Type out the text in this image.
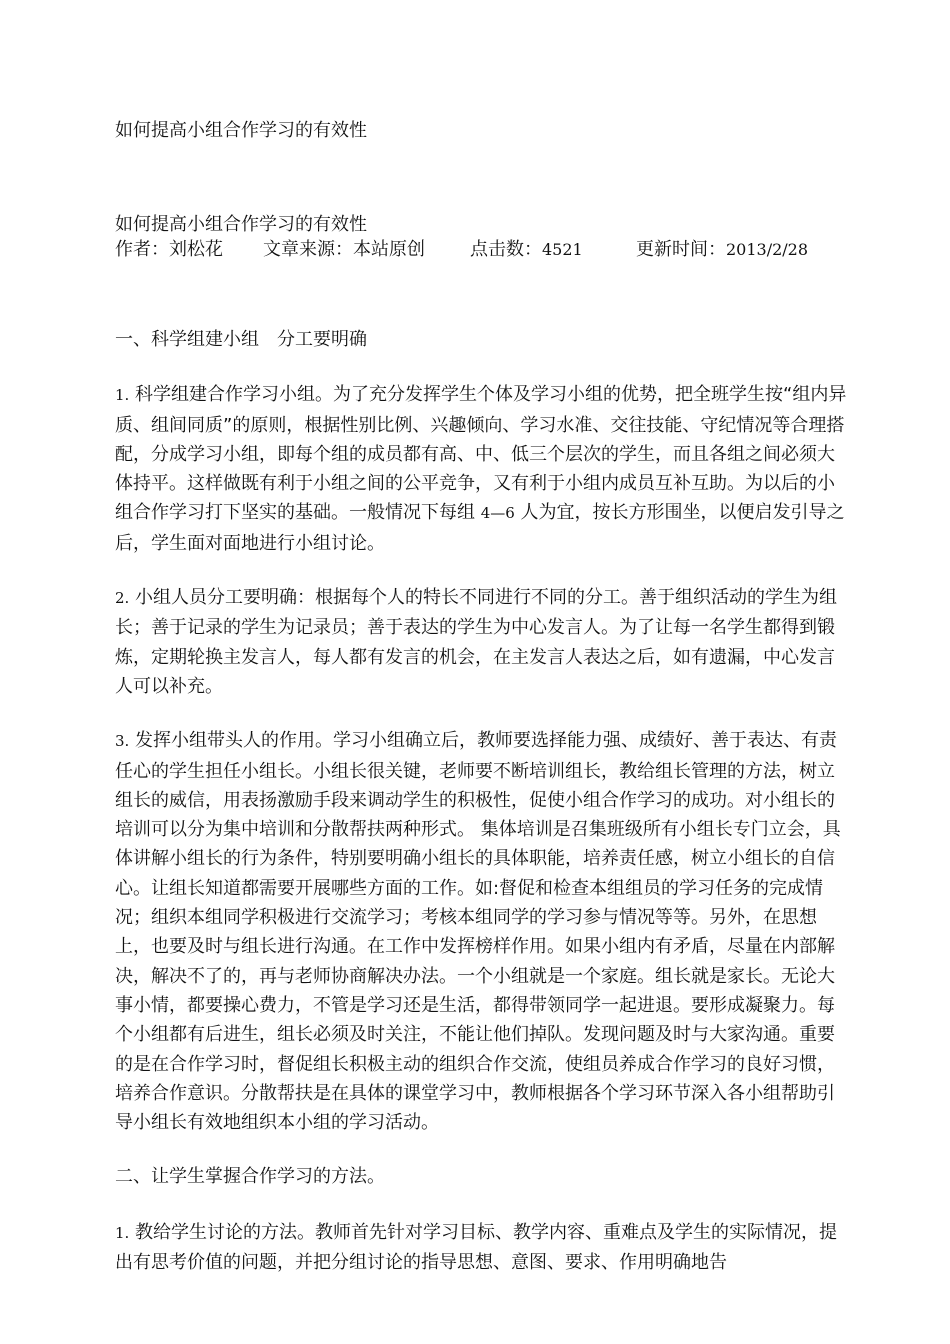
如何提高小组合作学习的有效性
如何提高小组合作学习的有效性
作者：刘松花 文章来源：本站原创	点击数：4521	更新时间：2013/2/28

一、科学组建小组　分工要明确

1. 科学组建合作学习小组。为了充分发挥学生个体及学习小组的优势，把全班学生按“组内异质、组间同质”的原则，根据性别比例、兴趣倾向、学习水准、交往技能、守纪情况等合理搭配，分成学习小组，即每个组的成员都有高、中、低三个层次的学生，而且各组之间必须大体持平。这样做既有利于小组之间的公平竞争，又有利于小组内成员互补互助。为以后的小组合作学习打下坚实的基础。一般情况下每组 4—6 人为宜，按长方形围坐，以便启发引导之后，学生面对面地进行小组讨论。

2. 小组人员分工要明确：根据每个人的特长不同进行不同的分工。善于组织活动的学生为组长；善于记录的学生为记录员；善于表达的学生为中心发言人。为了让每一名学生都得到锻炼，定期轮换主发言人，每人都有发言的机会，在主发言人表达之后，如有遗漏，中心发言人可以补充。

3. 发挥小组带头人的作用。学习小组确立后，教师要选择能力强、成绩好、善于表达、有责任心的学生担任小组长。小组长很关键，老师要不断培训组长，教给组长管理的方法，树立组长的威信，用表扬激励手段来调动学生的积极性，促使小组合作学习的成功。对小组长的培训可以分为集中培训和分散帮扶两种形式。 集体培训是召集班级所有小组长专门立会，具体讲解小组长的行为条件，特别要明确小组长的具体职能，培养责任感，树立小组长的自信心。让组长知道都需要开展哪些方面的工作。如:督促和检查本组组员的学习任务的完成情况；组织本组同学积极进行交流学习；考核本组同学的学习参与情况等等。另外，在思想上，也要及时与组长进行沟通。在工作中发挥榜样作用。如果小组内有矛盾，尽量在内部解决，解决不了的，再与老师协商解决办法。一个小组就是一个家庭。组长就是家长。无论大事小情，都要操心费力，不管是学习还是生活，都得带领同学一起进退。要形成凝聚力。每个小组都有后进生，组长必须及时关注，不能让他们掉队。发现问题及时与大家沟通。重要的是在合作学习时，督促组长积极主动的组织合作交流，使组员养成合作学习的良好习惯，培养合作意识。分散帮扶是在具体的课堂学习中，教师根据各个学习环节深入各小组帮助引导小组长有效地组织本小组的学习活动。

二、让学生掌握合作学习的方法。

1. 教给学生讨论的方法。教师首先针对学习目标、教学内容、重难点及学生的实际情况，提出有思考价值的问题，并把分组讨论的指导思想、意图、要求、作用明确地告
